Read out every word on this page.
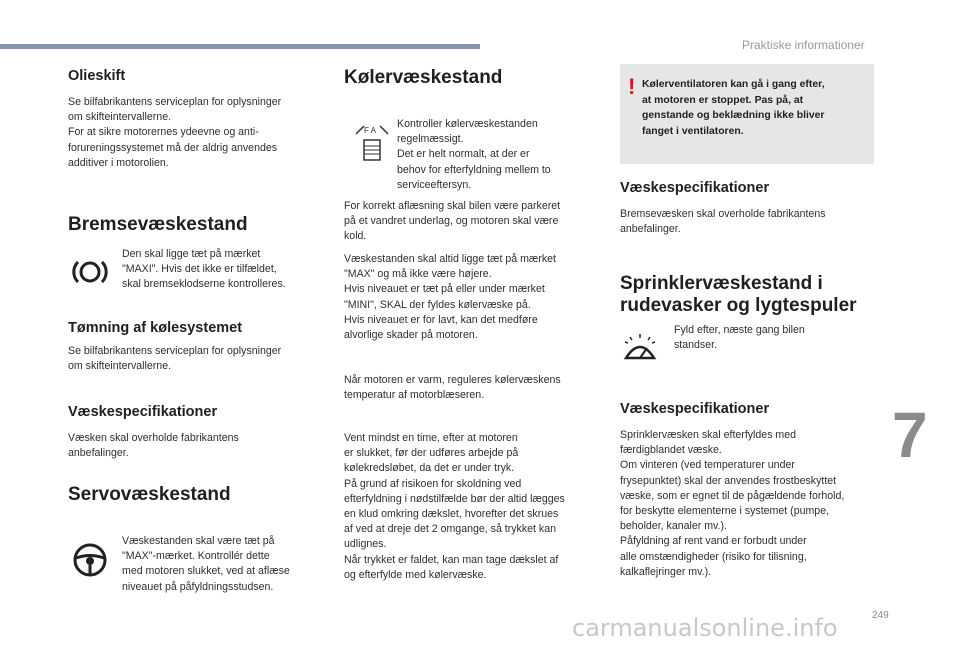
Praktiske informationer
Olieskift
Se bilfabrikantens serviceplan for oplysninger
om skifteintervallerne.
For at sikre motorernes ydeevne og anti-
forureningssystemet må der aldrig anvendes
additiver i motorolien.
Bremsevæskestand
Den skal ligge tæt på mærket
"MAXI". Hvis det ikke er tilfældet,
skal bremseklodserne kontrolleres.
Tømning af kølesystemet
Se bilfabrikantens serviceplan for oplysninger
om skifteintervallerne.
Væskespecifikationer
Væsken skal overholde fabrikantens
anbefalinger.
Servovæskestand
Væskestanden skal være tæt på
"MAX"-mærket. Kontrollér dette
med motoren slukket, ved at aflæse
niveauet på påfyldningsstudsen.
Kølervæskestand
F A
Kontroller kølervæskestanden
regelmæssigt.
Det er helt normalt, at der er
behov for efterfyldning mellem to
serviceeftersyn.
For korrekt aflæsning skal bilen være parkeret
på et vandret underlag, og motoren skal være
kold.
Væskestanden skal altid ligge tæt på mærket
"MAX" og må ikke være højere.
Hvis niveauet er tæt på eller under mærket
"MINI", SKAL der fyldes kølervæske på.
Hvis niveauet er for lavt, kan det medføre
alvorlige skader på motoren.
Når motoren er varm, reguleres kølervæskens
temperatur af motorblæseren.
Vent mindst en time, efter at motoren
er slukket, før der udføres arbejde på
kølekredsløbet, da det er under tryk.
På grund af risikoen for skoldning ved
efterfyldning i nødstilfælde bør der altid lægges
en klud omkring dækslet, hvorefter det skrues
af ved at dreje det 2 omgange, så trykket kan
udlignes.
Når trykket er faldet, kan man tage dækslet af
og efterfylde med kølervæske.
! Kølerventilatoren kan gå i gang efter,
at motoren er stoppet. Pas på, at
genstande og beklædning ikke bliver
fanget i ventilatoren.
Væskespecifikationer
Bremsevæsken skal overholde fabrikantens
anbefalinger.
Sprinklervæskestand i
rudevasker og lygtespuler
Fyld efter, næste gang bilen
standser.
Væskespecifikationer
Sprinklervæsken skal efterfyldes med
færdigblandet væske.
Om vinteren (ved temperaturer under
frysepunktet) skal der anvendes frostbeskyttet
væske, som er egnet til de pågældende forhold,
for beskytte elementerne i systemet (pumpe,
beholder, kanaler mv.).
Påfyldning af rent vand er forbudt under
alle omstændigheder (risiko for tilisning,
kalkaflejringer mv.).
7
249
carmanualsonline.info
